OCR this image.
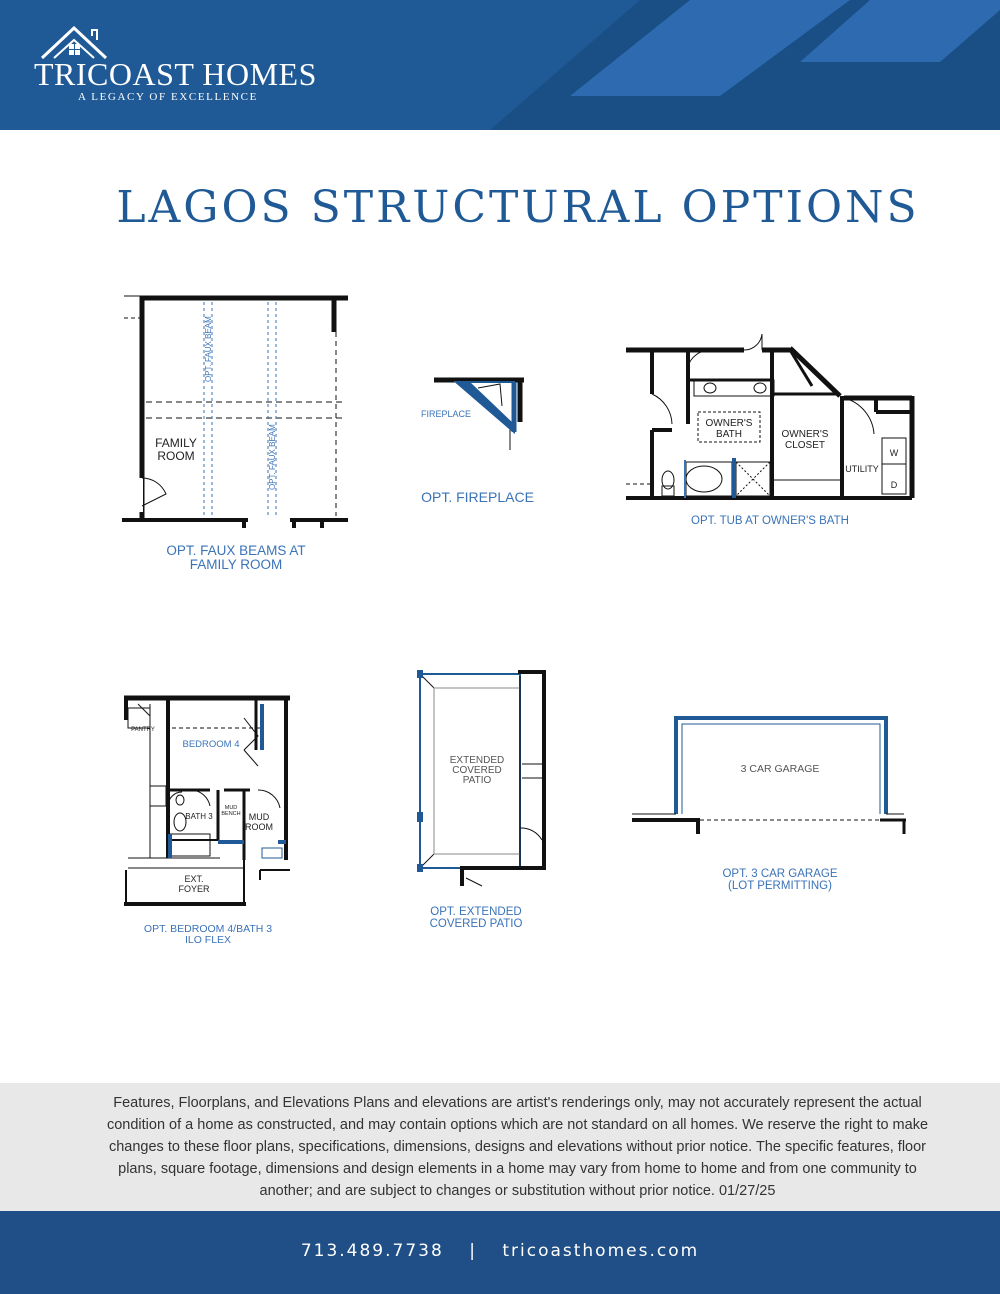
TRICOAST HOMES
A LEGACY OF EXCELLENCE
LAGOS STRUCTURAL OPTIONS
OPT. FAUX BEAM
OPT. FAUX BEAM
FAMILY
ROOM
OPT. FAUX BEAMS AT
FAMILY ROOM
FIREPLACE
OPT. FIREPLACE
OWNER'S
BATH	OWNER'S
CLOSET
UTILITY
W
D
OPT. TUB AT OWNER'S BATH
PANTRY
BEDROOM 4
BATH 3
MUD
BENCH MUD
ROOM
EXT.
FOYER
OPT. BEDROOM 4/BATH 3
ILO FLEX
EXTENDED
COVERED
PATIO
OPT. EXTENDED
COVERED PATIO
3 CAR GARAGE
OPT. 3 CAR GARAGE
(LOT PERMITTING)
Features, Floorplans, and Elevations Plans and elevations are artist's renderings only, may not accurately represent the actual condition of a home as constructed, and may contain options which are not standard on all homes. We reserve the right to make changes to these floor plans, specifications, dimensions, designs and elevations without prior notice. The specific features, floor plans, square footage, dimensions and design elements in a home may vary from home to home and from one community to another; and are subject to changes or substitution without prior notice. 01/27/25
713.489.7738 | tricoasthomes.com
